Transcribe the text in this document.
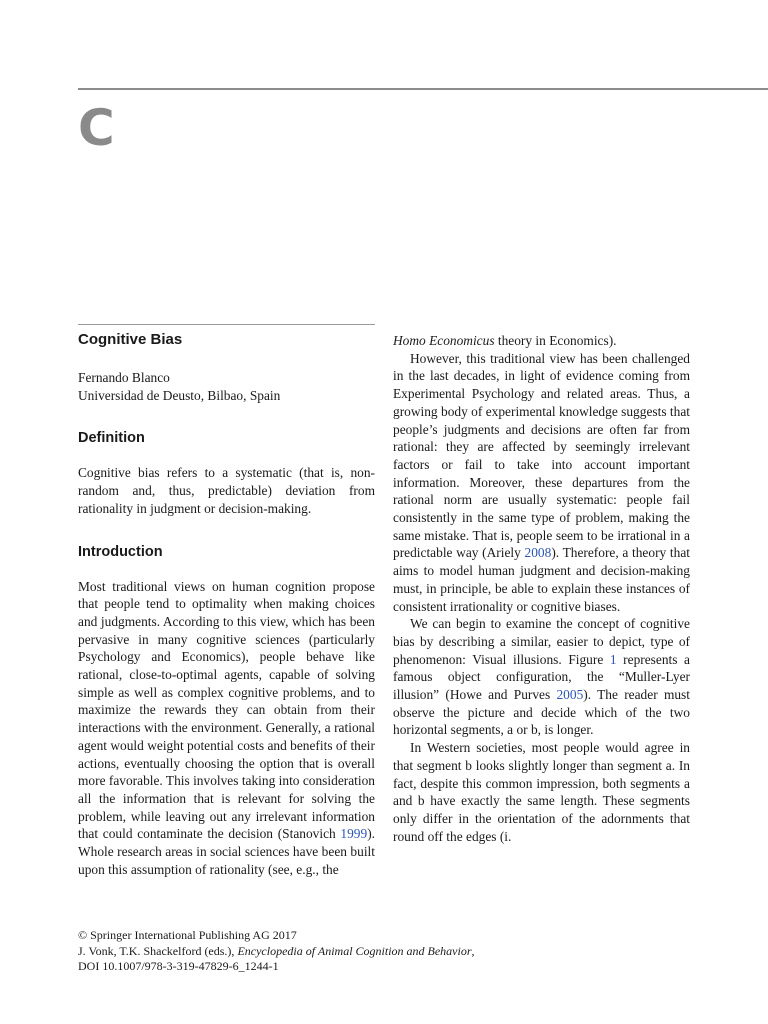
C
Cognitive Bias

Fernando Blanco

Universidad de Deusto, Bilbao, Spain

Definition

Cognitive bias refers to a systematic (that is, non-random and, thus, predictable) deviation from rationality in judgment or decision-making.

Introduction

Most traditional views on human cognition propose that people tend to optimality when making choices and judgments. According to this view, which has been pervasive in many cognitive sciences (particularly Psychology and Economics), people behave like rational, close-to-optimal agents, capable of solving simple as well as complex cognitive problems, and to maximize the rewards they can obtain from their interactions with the environment. Generally, a rational agent would weight potential costs and benefits of their actions, eventually choosing the option that is overall more favorable. This involves taking into consideration all the information that is relevant for solving the problem, while leaving out any irrelevant information that could contaminate the decision (Stanovich 1999). Whole research areas in social sciences have been built upon this assumption of rationality (see, e.g., the

Homo Economicus theory in Economics).

However, this traditional view has been challenged in the last decades, in light of evidence coming from Experimental Psychology and related areas. Thus, a growing body of experimental knowledge suggests that people’s judgments and decisions are often far from rational: they are affected by seemingly irrelevant factors or fail to take into account important information. Moreover, these departures from the rational norm are usually systematic: people fail consistently in the same type of problem, making the same mistake. That is, people seem to be irrational in a predictable way (Ariely 2008). Therefore, a theory that aims to model human judgment and decision-making must, in principle, be able to explain these instances of consistent irrationality or cognitive biases.

We can begin to examine the concept of cognitive bias by describing a similar, easier to depict, type of phenomenon: Visual illusions. Figure 1 represents a famous object configuration, the “Muller-Lyer illusion” (Howe and Purves 2005). The reader must observe the picture and decide which of the two horizontal segments, a or b, is longer.

In Western societies, most people would agree in that segment b looks slightly longer than segment a. In fact, despite this common impression, both segments a and b have exactly the same length. These segments only differ in the orientation of the adornments that round off the edges (i.

© Springer International Publishing AG 2017
J. Vonk, T.K. Shackelford (eds.), Encyclopedia of Animal Cognition and Behavior,
DOI 10.1007/978-3-319-47829-6_1244-1
